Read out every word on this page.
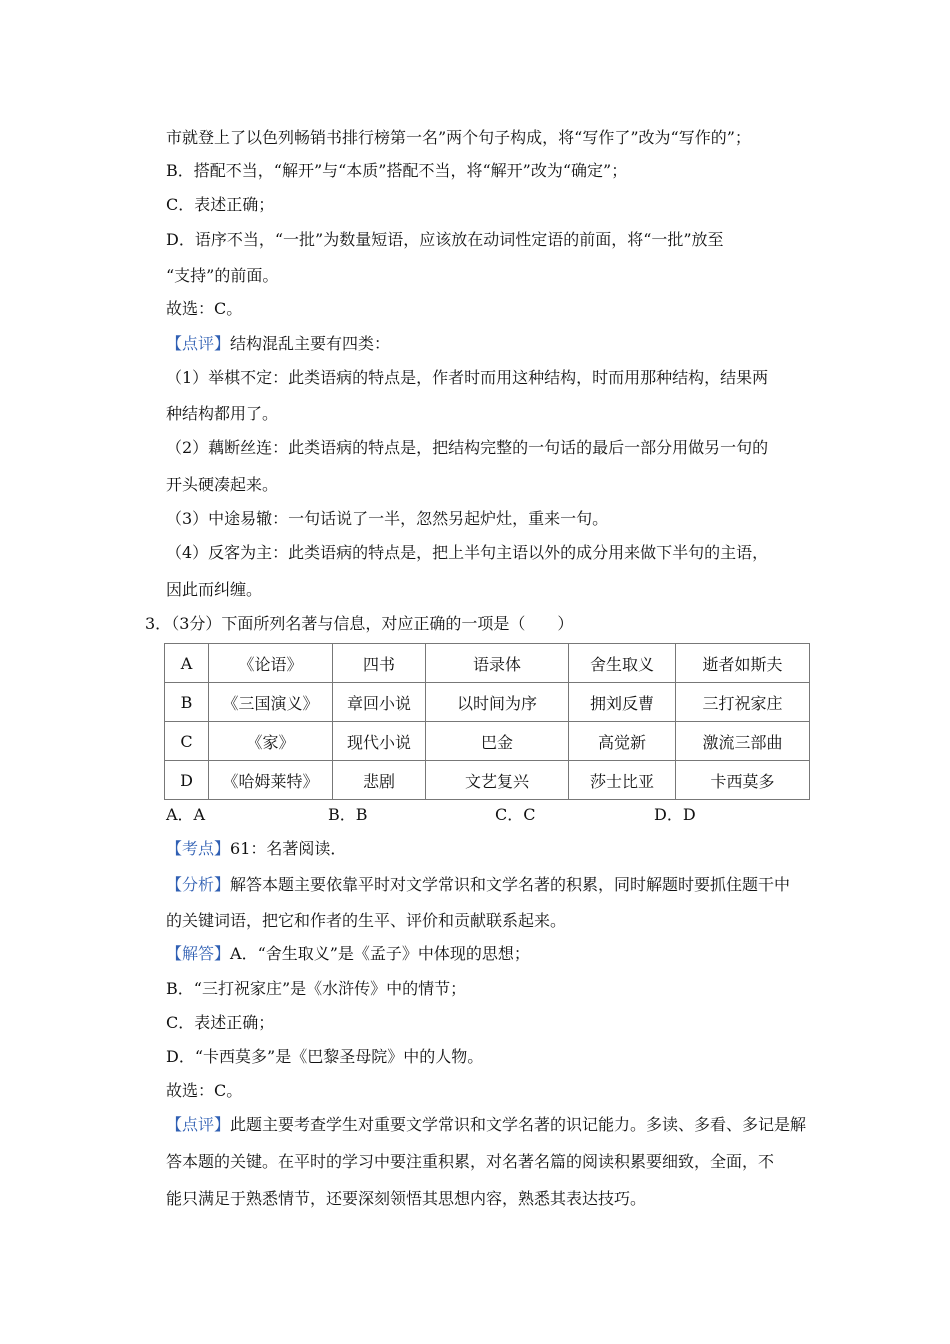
市就登上了以色列畅销书排行榜第一名”两个句子构成，将“写作了”改为“写作的”；
B．搭配不当，“解开”与“本质”搭配不当，将“解开”改为“确定”；
C．表述正确；
D．语序不当，“一批”为数量短语，应该放在动词性定语的前面，将“一批”放至
“支持”的前面。
故选：C。
【点评】结构混乱主要有四类：
（1）举棋不定：此类语病的特点是，作者时而用这种结构，时而用那种结构，结果两
种结构都用了。
（2）藕断丝连：此类语病的特点是，把结构完整的一句话的最后一部分用做另一句的
开头硬凑起来。
（3）中途易辙：一句话说了一半，忽然另起炉灶，重来一句。
（4）反客为主：此类语病的特点是，把上半句主语以外的成分用来做下半句的主语，
因此而纠缠。
3．（3分）下面所列名著与信息，对应正确的一项是（　　）
A	《论语》	四书	语录体	舍生取义	逝者如斯夫
B	《三国演义》	章回小说	以时间为序	拥刘反曹	三打祝家庄
C	《家》	现代小说	巴金	高觉新	激流三部曲
D	《哈姆莱特》	悲剧	文艺复兴	莎士比亚	卡西莫多
A．A	B．B	C．C	D．D
【考点】61：名著阅读．
【分析】解答本题主要依靠平时对文学常识和文学名著的积累，同时解题时要抓住题干中
的关键词语，把它和作者的生平、评价和贡献联系起来。
【解答】A．“舍生取义”是《孟子》中体现的思想；
B．“三打祝家庄”是《水浒传》中的情节；
C．表述正确；
D．“卡西莫多”是《巴黎圣母院》中的人物。
故选：C。
【点评】此题主要考查学生对重要文学常识和文学名著的识记能力。多读、多看、多记是解
答本题的关键。在平时的学习中要注重积累，对名著名篇的阅读积累要细致，全面，不
能只满足于熟悉情节，还要深刻领悟其思想内容，熟悉其表达技巧。
